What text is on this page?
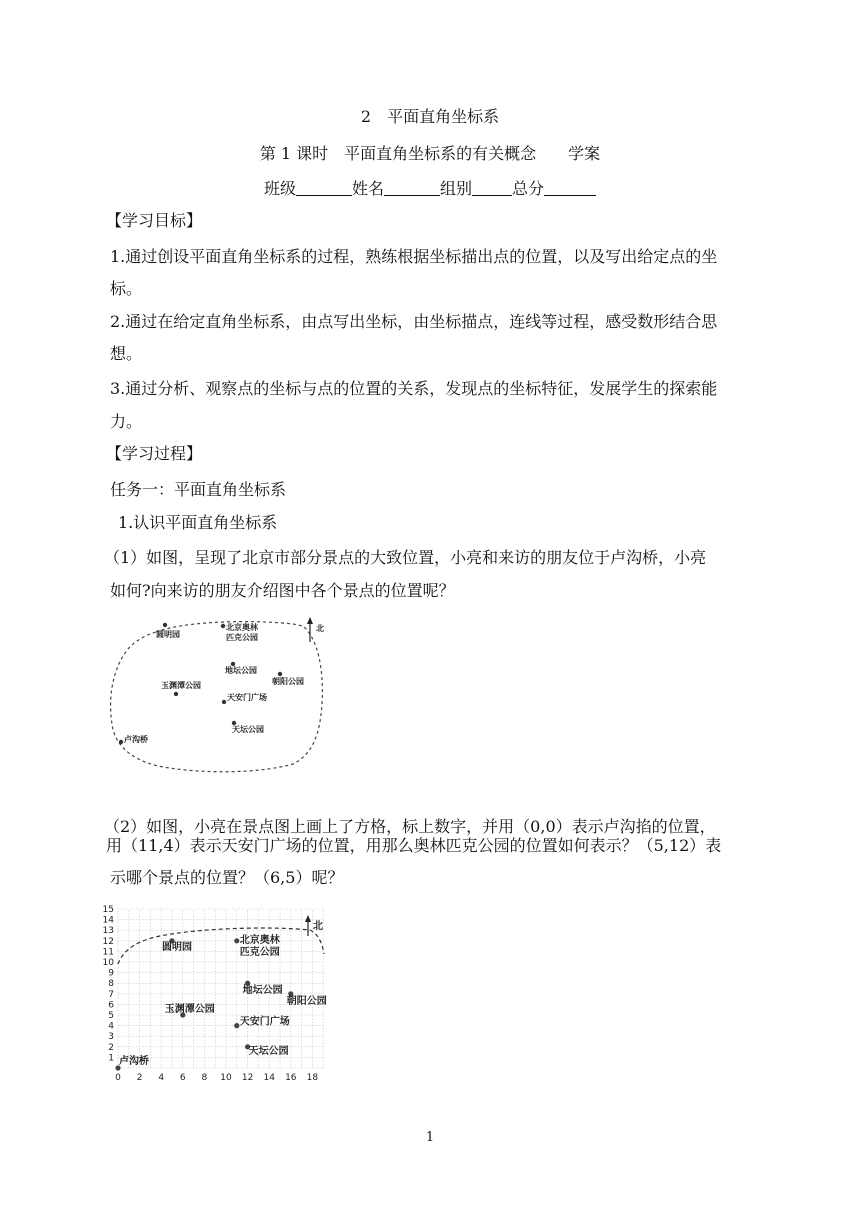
2　平面直角坐标系
第 1 课时　平面直角坐标系的有关概念　　学案
班级	姓名	组别	总分
【学习目标】
1.通过创设平面直角坐标系的过程，熟练根据坐标描出点的位置，以及写出给定点的坐
标。
2.通过在给定直角坐标系，由点写出坐标，由坐标描点，连线等过程，感受数形结合思
想。
3.通过分析、观察点的坐标与点的位置的关系，发现点的坐标特征，发展学生的探索能
力。
【学习过程】
任务一：平面直角坐标系
1.认识平面直角坐标系
（1）如图，呈现了北京市部分景点的大致位置，小亮和来访的朋友位于卢沟桥，小亮
如何?向来访的朋友介绍图中各个景点的位置呢？
北
圆明园
北京奥林匹克公园
地坛公园
朝阳公园
玉渊潭公园
天安门广场
天坛公园
卢沟桥
（2）如图，小亮在景点图上画上了方格，标上数字，并用（0,0）表示卢沟掐的位置，
用（11,4）表示天安门广场的位置，用那么奥林匹克公园的位置如何表示？（5,12）表
示哪个景点的位置？（6,5）呢？
0 2 4 6 8 10 12 14 16 18
1
2
3
4
5
6
7
8
9
10
11
12
13
14
15
北
圆明园
北京奥林匹克公园
地坛公园
朝阳公园
玉渊潭公园
天安门广场
天坛公园
卢沟桥
1
